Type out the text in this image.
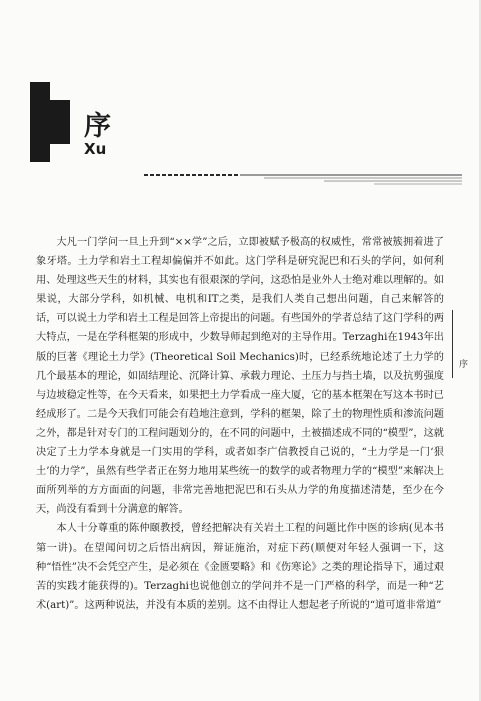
序
Xu

大凡一门学问一旦上升到“××学”之后，立即被赋予极高的权威性，常常被簇拥着进了象牙塔。土力学和岩土工程却偏偏并不如此。这门学科是研究泥巴和石头的学问，如何利用、处理这些天生的材料，其实也有很艰深的学问，这恐怕是业外人士绝对难以理解的。如果说，大部分学科，如机械、电机和IT之类，是我们人类自己想出问题，自己来解答的话，可以说土力学和岩土工程是回答上帝提出的问题。有些国外的学者总结了这门学科的两大特点，一是在学科框架的形成中，少数导师起到绝对的主导作用。Terzaghi在1943年出版的巨著《理论土力学》(Theoretical Soil Mechanics)时，已经系统地论述了土力学的几个最基本的理论，如固结理论、沉降计算、承载力理论、土压力与挡土墙，以及抗剪强度与边坡稳定性等，在今天看来，如果把土力学看成一座大厦，它的基本框架在写这本书时已经成形了。二是今天我们可能会有趋地注意到，学科的框架，除了土的物理性质和渗流问题之外，都是针对专门的工程问题划分的，在不同的问题中，土被描述成不同的“模型”，这就决定了土力学本身就是一门实用的学科，或者如李广信教授自己说的，“土力学是一门‘狠土’的力学”，虽然有些学者正在努力地用某些统一的数学的或者物理力学的“模型”来解决上面所列举的方方面面的问题，非常完善地把泥巴和石头从力学的角度描述清楚，至少在今天，尚没有看到十分满意的解答。

本人十分尊重的陈仲颐教授，曾经把解决有关岩土工程的问题比作中医的诊病(见本书第一讲)。在望闻问切之后悟出病因，辩证施治，对症下药(顺便对年轻人强调一下，这种“悟性”决不会凭空产生，是必须在《金匮要略》和《伤寒论》之类的理论指导下，通过艰苦的实践才能获得的)。Terzaghi也说他创立的学问并不是一门严格的科学，而是一种“艺术(art)”。这两种说法，并没有本质的差别。这不由得让人想起老子所说的“道可道非常道”

序
